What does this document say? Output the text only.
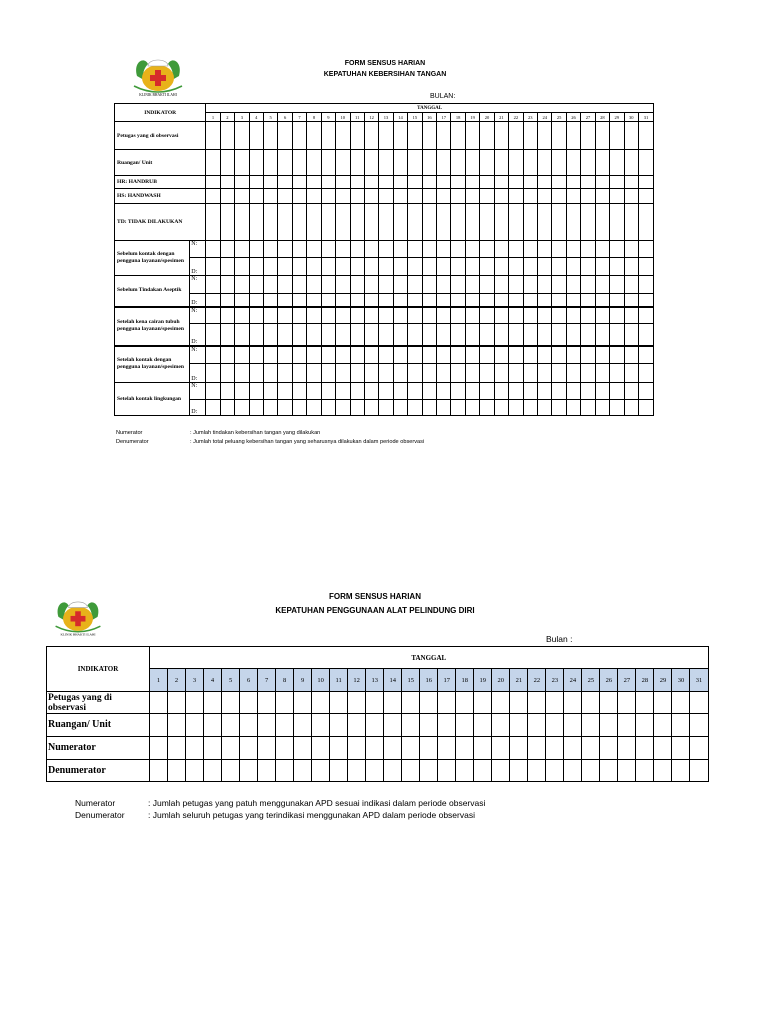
KLINIK BHAKTI ILAHI
FORM SENSUS HARIAN
KEPATUHAN KEBERSIHAN TANGAN
BULAN:
INDIKATOR		TANGGAL																														
		1	2	3	4	5	6	7	8	9	10	11	12	13	14	15	16	17	18	19	20	21	22	23	24	25	26	27	28	29	30	31
Petugas yang di observasi																																
Ruangan/ Unit																																
HR: HANDRUB																																
HS: HANDWASH																																
TD: TIDAK DILAKUKAN																																
Sebelum kontak dengan pengguna layanan/spesimen	N:																															
	D:																															
Sebelum Tindakan Aseptik	N:																															
	D:																															
Setelah kena cairan tubuh pengguna layanan/spesimen	N:																															
	D:																															
Setelah kontak dengan pengguna layanan/spesimen	N:																															
	D:																															
Setelah kontak lingkungan	N:																															
	D:																															
Numerator	: Jumlah tindakan kebersihan tangan yang dilakukan
Denumerator	: Jumlah total peluang kebersihan tangan yang seharusnya dilakukan dalam periode observasi
KLINIK BHAKTI ILAHI
FORM SENSUS HARIAN
KEPATUHAN PENGGUNAAN ALAT PELINDUNG DIRI
Bulan :
INDIKATOR	TANGGAL																														
	1	2	3	4	5	6	7	8	9	10	11	12	13	14	15	16	17	18	19	20	21	22	23	24	25	26	27	28	29	30	31
Petugas yang di observasi																															
Ruangan/ Unit																															
Numerator																															
Denumerator																															
Numerator	: Jumlah petugas yang patuh menggunakan APD sesuai indikasi dalam periode observasi
Denumerator	: Jumlah seluruh petugas yang terindikasi menggunakan APD dalam periode observasi
